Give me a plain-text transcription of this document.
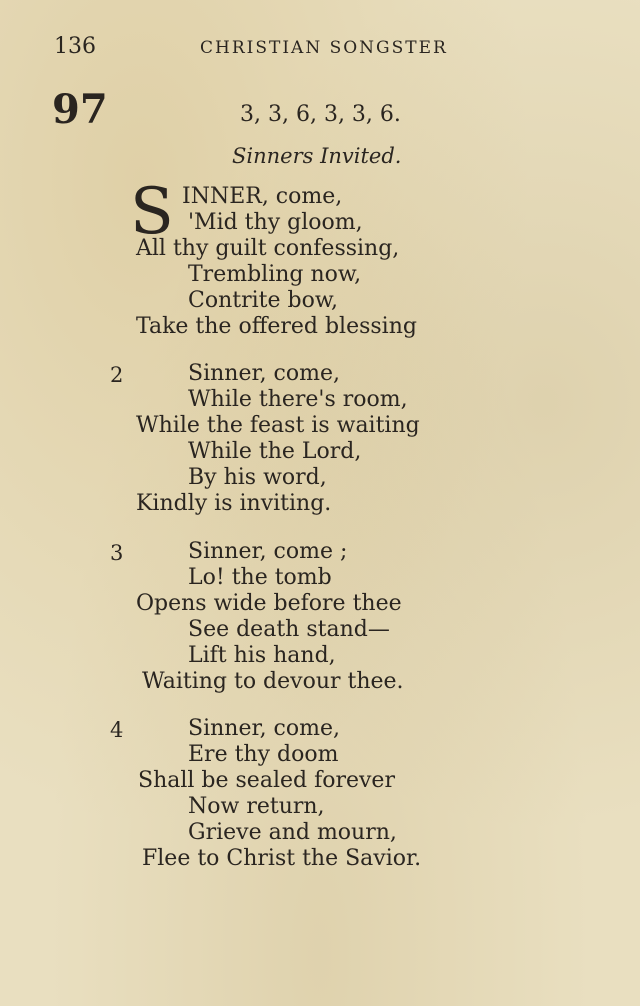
136	CHRISTIAN SONGSTER
97	3, 3, 6, 3, 3, 6.
Sinners Invited.
S INNER, come,
'Mid thy gloom,
All thy guilt confessing,
Trembling now,
Contrite bow,
Take the offered blessing
2	Sinner, come,
While there's room,
While the feast is waiting
While the Lord,
By his word,
Kindly is inviting.
3	Sinner, come ;
Lo! the tomb
Opens wide before thee
See death stand—
Lift his hand,
Waiting to devour thee.
4	Sinner, come,
Ere thy doom
Shall be sealed forever
Now return,
Grieve and mourn,
Flee to Christ the Savior.
